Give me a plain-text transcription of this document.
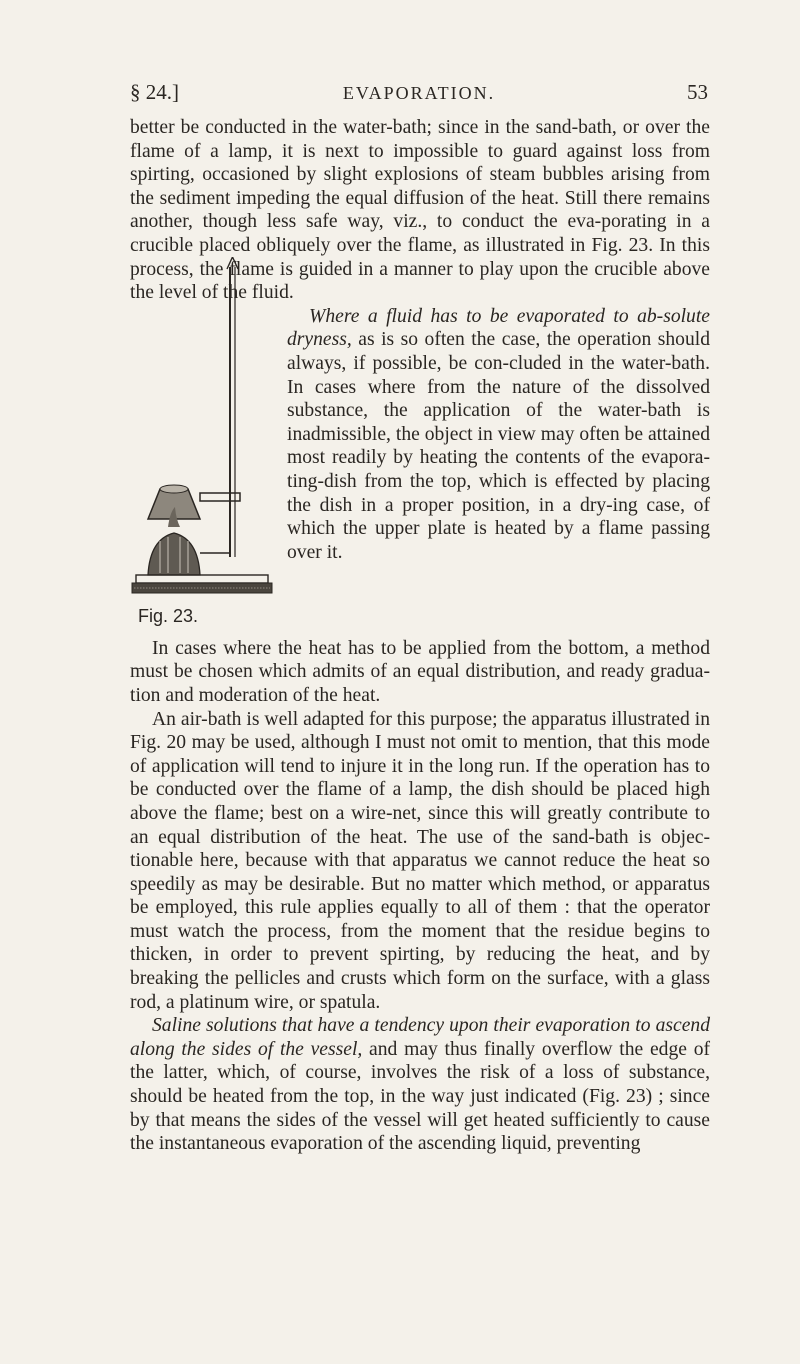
§ 24.]	EVAPORATION.	53

better be conducted in the water-bath; since in the sand-bath, or over the flame of a lamp, it is next to impossible to guard against loss from spirting, occasioned by slight explosions of steam bubbles arising from the sediment impeding the equal diffusion of the heat. Still there remains another, though less safe way, viz., to conduct the eva-porating in a crucible placed obliquely over the flame, as illustrated in Fig. 23. In this process, the flame is guided in a manner to play upon the crucible above the level of the fluid.

Fig. 23.

Where a fluid has to be evaporated to ab-solute dryness, as is so often the case, the operation should always, if possible, be con-cluded in the water-bath. In cases where from the nature of the dissolved substance, the application of the water-bath is inadmissible, the object in view may often be attained most readily by heating the contents of the evapora-ting-dish from the top, which is effected by placing the dish in a proper position, in a dry-ing case, of which the upper plate is heated by a flame passing over it.

In cases where the heat has to be applied from the bottom, a method must be chosen which admits of an equal distribution, and ready gradua-tion and moderation of the heat.

An air-bath is well adapted for this purpose; the apparatus illustrated in Fig. 20 may be used, although I must not omit to mention, that this mode of application will tend to injure it in the long run. If the operation has to be conducted over the flame of a lamp, the dish should be placed high above the flame; best on a wire-net, since this will greatly contribute to an equal distribution of the heat. The use of the sand-bath is objec-tionable here, because with that apparatus we cannot reduce the heat so speedily as may be desirable. But no matter which method, or apparatus be employed, this rule applies equally to all of them : that the operator must watch the process, from the moment that the residue begins to thicken, in order to prevent spirting, by reducing the heat, and by breaking the pellicles and crusts which form on the surface, with a glass rod, a platinum wire, or spatula.

Saline solutions that have a tendency upon their evaporation to ascend along the sides of the vessel, and may thus finally overflow the edge of the latter, which, of course, involves the risk of a loss of substance, should be heated from the top, in the way just indicated (Fig. 23) ; since by that means the sides of the vessel will get heated sufficiently to cause the instantaneous evaporation of the ascending liquid, preventing
